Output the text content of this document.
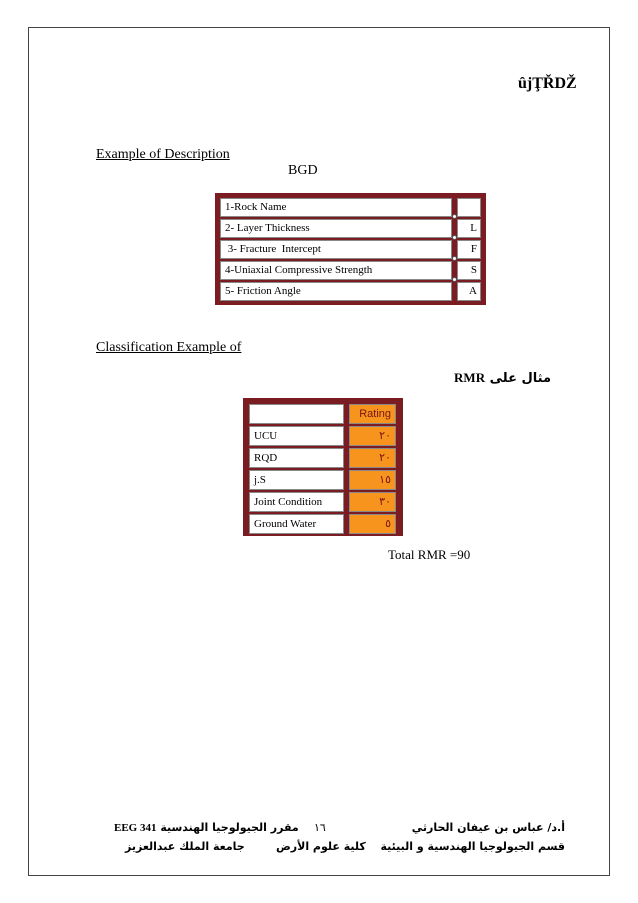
ûjŢŘDŽ
Example of Description
BGD
1-Rock Name
2- Layer Thickness	L
3- Fracture  Intercept	F
4-Uniaxial Compressive Strength	S
5- Friction Angle	A
Classification Example of
مثال على RMR
Rating
UCU	٢٠
RQD	٢٠
j.S	١٥
Joint Condition	٣٠
Ground Water	٥
Total RMR =90
أ.د/ عباس بن عيفان الحارثي
قسم الجيولوجيا الهندسية و البيئية
١٦
كلية علوم الأرض
EEG 341 مقرر الجيولوجيا الهندسية
جامعة الملك عبدالعزيز
